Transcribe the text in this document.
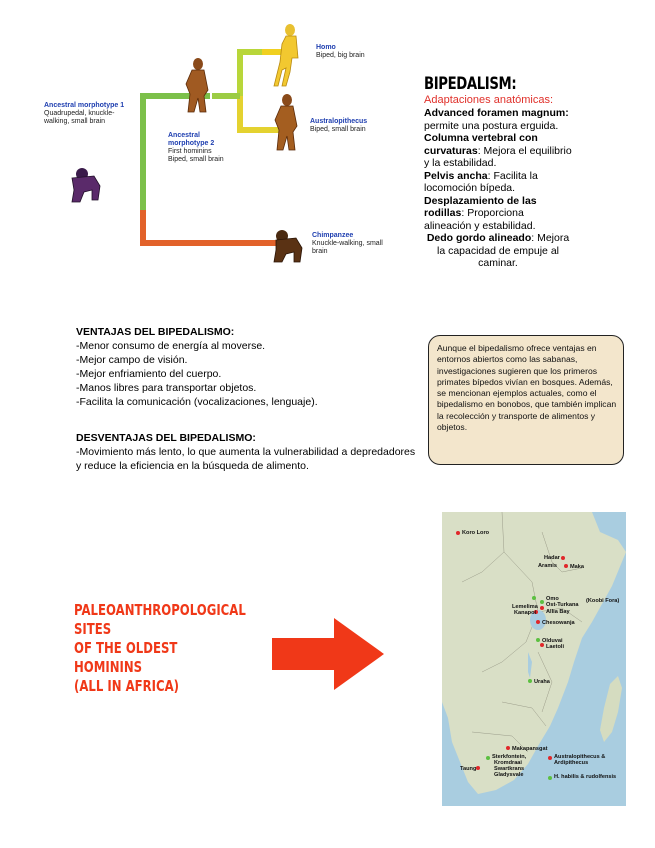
Homo
Biped, big brain
Ancestral morphotype 1
Quadrupedal, knuckle-walking, small brain
Ancestral morphotype 2
First hominins
Biped, small brain
Australopithecus
Biped, small brain
Chimpanzee
Knuckle-walking, small brain
BIPEDALISM:
Adaptaciones anatómicas:
Advanced foramen magnum: permite una postura erguida.
Columna vertebral con curvaturas: Mejora el equilibrio y la estabilidad.
Pelvis ancha: Facilita la locomoción bípeda.
Desplazamiento de las rodillas: Proporciona alineación y estabilidad.
Dedo gordo alineado: Mejora la capacidad de empuje al caminar.
VENTAJAS DEL BIPEDALISMO:
-Menor consumo de energía al moverse.
-Mejor campo de visión.
-Mejor enfriamiento del cuerpo.
-Manos libres para transportar objetos.
-Facilita la comunicación (vocalizaciones, lenguaje).
DESVENTAJAS DEL BIPEDALISMO:
-Movimiento más lento, lo que aumenta la vulnerabilidad a depredadores y reduce la eficiencia en la búsqueda de alimento.
Aunque el bipedalismo ofrece ventajas en entornos abiertos como las sabanas, investigaciones sugieren que los primeros primates bípedos vivían en bosques. Además, se mencionan ejemplos actuales, como el bipedalismo en bonobos, que también implican la recolección y transporte de alimentos y objetos.
PALEOANTHROPOLOGICAL
SITES
OF THE OLDEST
HOMININS
(ALL IN AFRICA)
Koro Loro
Hadar
Aramis Maka
Omo
Ost-Turkana
(Koobi Fora)
Lemelima
Kanapoi Allia Bay
Chesowanja
Olduvai
Laetoli
Uraha
Makapansgat
Sterkfontein,
Kromdraai
Swartkrans
Taung
Gladysvale
Australopithecus & Ardipithecus
H. habilis & rudolfensis
